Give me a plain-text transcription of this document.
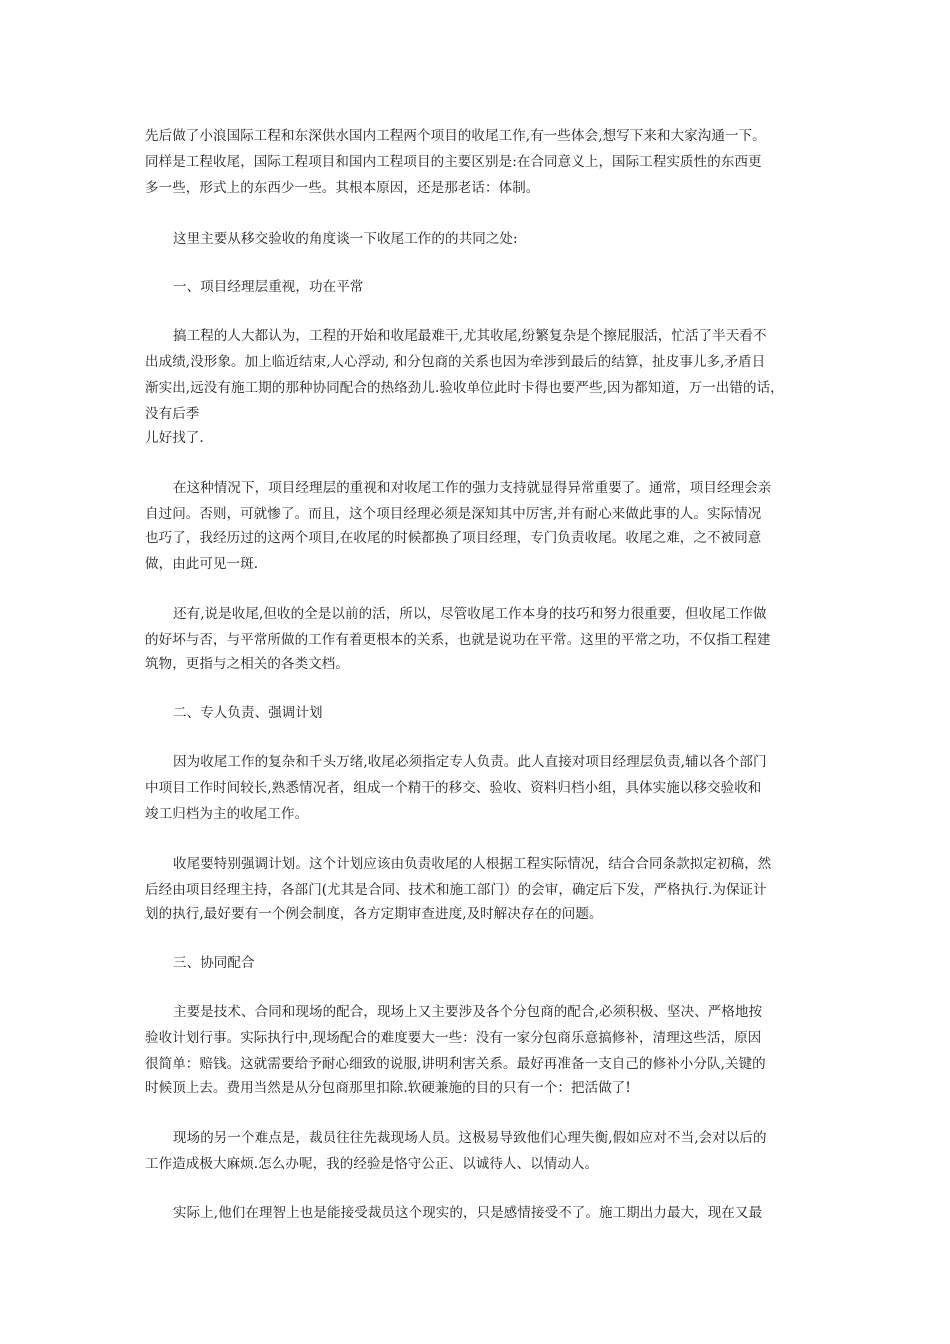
先后做了小浪国际工程和东深供水国内工程两个项目的收尾工作,有一些体会,想写下来和大家沟通一下。
同样是工程收尾，国际工程项目和国内工程项目的主要区别是:在合同意义上，国际工程实质性的东西更
多一些，形式上的东西少一些。其根本原因，还是那老话：体制。
这里主要从移交验收的角度谈一下收尾工作的的共同之处:
一、项目经理层重视，功在平常
搞工程的人大都认为，工程的开始和收尾最难干,尤其收尾,纷繁复杂是个擦屁服活，忙活了半天看不
出成绩,没形象。加上临近结束,人心浮动, 和分包商的关系也因为牵涉到最后的结算，扯皮事儿多,矛盾日
渐实出,远没有施工期的那种协同配合的热络劲儿.验收单位此时卡得也要严些,因为都知道，万一出错的话，
没有后季
儿好找了.
在这种情况下，项目经理层的重视和对收尾工作的强力支持就显得异常重要了。通常，项目经理会亲
自过问。否则，可就惨了。而且，这个项目经理必须是深知其中厉害,并有耐心来做此事的人。实际情况
也巧了，我经历过的这两个项目,在收尾的时候都换了项目经理，专门负责收尾。收尾之难，之不被同意
做，由此可见一斑.
还有,说是收尾,但收的全是以前的活，所以，尽管收尾工作本身的技巧和努力很重要，但收尾工作做
的好坏与否，与平常所做的工作有着更根本的关系，也就是说功在平常。这里的平常之功，不仅指工程建
筑物，更指与之相关的各类文档。
二、专人负责、强调计划
因为收尾工作的复杂和千头万绪,收尾必须指定专人负责。此人直接对项目经理层负责,辅以各个部门
中项目工作时间较长,熟悉情况者，组成一个精干的移交、验收、资料归档小组，具体实施以移交验收和
竣工归档为主的收尾工作。
收尾要特别强调计划。这个计划应该由负责收尾的人根据工程实际情况，结合合同条款拟定初稿，然
后经由项目经理主持，各部门(尤其是合同、技术和施工部门）的会审，确定后下发，严格执行.为保证计
划的执行,最好要有一个例会制度，各方定期审查进度,及时解决存在的问题。
三、协同配合
主要是技术、合同和现场的配合，现场上又主要涉及各个分包商的配合,必须积极、坚决、严格地按
验收计划行事。实际执行中,现场配合的难度要大一些：没有一家分包商乐意搞修补，清理这些活，原因
很简单：赔钱。这就需要给予耐心细致的说服,讲明利害关系。最好再准备一支自己的修补小分队,关键的
时候顶上去。费用当然是从分包商那里扣除.软硬兼施的目的只有一个：把活做了!
现场的另一个难点是，裁员往往先裁现场人员。这极易导致他们心理失衡,假如应对不当,会对以后的
工作造成极大麻烦.怎么办呢，我的经验是恪守公正、以诚待人、以情动人。
实际上,他们在理智上也是能接受裁员这个现实的，只是感情接受不了。施工期出力最大，现在又最
